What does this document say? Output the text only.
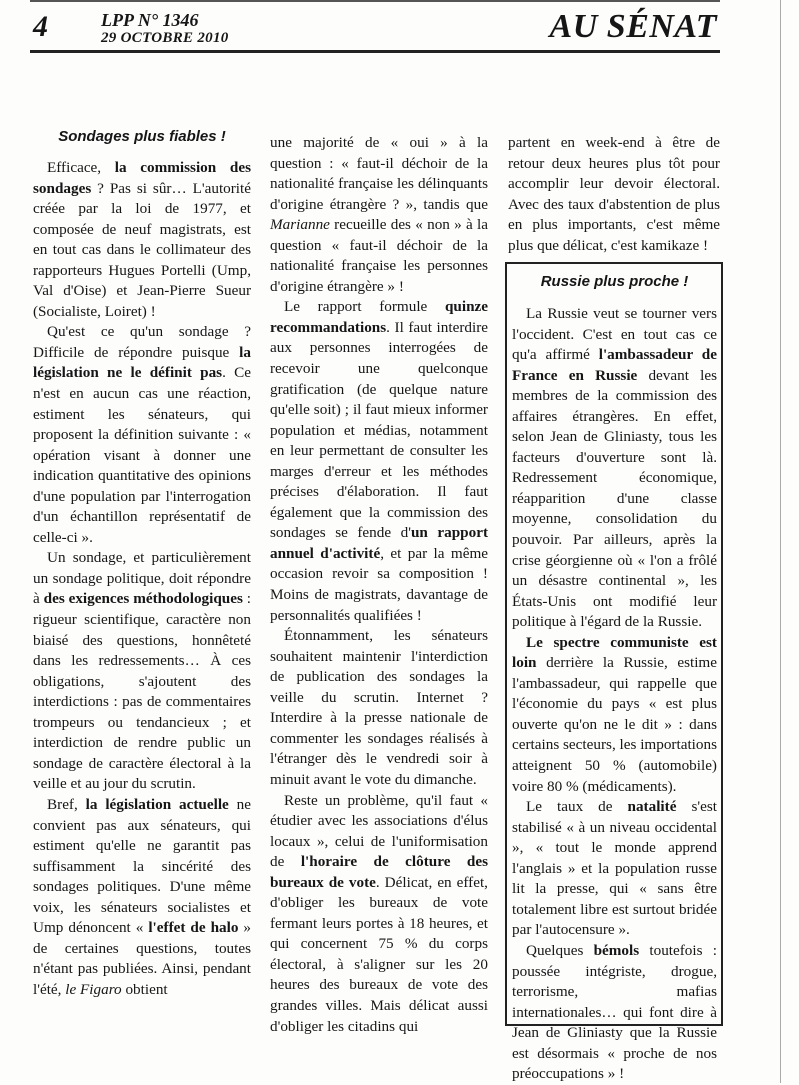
4	LPP N° 1346
29 OCTOBRE 2010	AU SÉNAT
Sondages plus fiables !

Efficace, la commission des sondages ? Pas si sûr… L'autorité créée par la loi de 1977, et composée de neuf magistrats, est en tout cas dans le collimateur des rapporteurs Hugues Portelli (Ump, Val d'Oise) et Jean-Pierre Sueur (Socialiste, Loiret) !

Qu'est ce qu'un sondage ? Difficile de répondre puisque la législation ne le définit pas. Ce n'est en aucun cas une réaction, estiment les sénateurs, qui proposent la définition suivante : « opération visant à donner une indication quantitative des opinions d'une population par l'interrogation d'un échantillon représentatif de celle-ci ».

Un sondage, et particulièrement un sondage politique, doit répondre à des exigences méthodologiques : rigueur scientifique, caractère non biaisé des questions, honnêteté dans les redressements… À ces obligations, s'ajoutent des interdictions : pas de commentaires trompeurs ou tendancieux ; et interdiction de rendre public un sondage de caractère électoral à la veille et au jour du scrutin.

Bref, la législation actuelle ne convient pas aux sénateurs, qui estiment qu'elle ne garantit pas suffisamment la sincérité des sondages politiques. D'une même voix, les sénateurs socialistes et Ump dénoncent « l'effet de halo » de certaines questions, toutes n'étant pas publiées. Ainsi, pendant l'été, le Figaro obtient

une majorité de « oui » à la question : « faut-il déchoir de la nationalité française les délinquants d'origine étrangère ? », tandis que Marianne recueille des « non » à la question « faut-il déchoir de la nationalité française les personnes d'origine étrangère » !

Le rapport formule quinze recommandations. Il faut interdire aux personnes interrogées de recevoir une quelconque gratification (de quelque nature qu'elle soit) ; il faut mieux informer population et médias, notamment en leur permettant de consulter les marges d'erreur et les méthodes précises d'élaboration. Il faut également que la commission des sondages se fende d'un rapport annuel d'activité, et par la même occasion revoir sa composition ! Moins de magistrats, davantage de personnalités qualifiées !

Étonnamment, les sénateurs souhaitent maintenir l'interdiction de publication des sondages la veille du scrutin. Internet ? Interdire à la presse nationale de commenter les sondages réalisés à l'étranger dès le vendredi soir à minuit avant le vote du dimanche.

Reste un problème, qu'il faut « étudier avec les associations d'élus locaux », celui de l'uniformisation de l'horaire de clôture des bureaux de vote. Délicat, en effet, d'obliger les bureaux de vote fermant leurs portes à 18 heures, et qui concernent 75 % du corps électoral, à s'aligner sur les 20 heures des bureaux de vote des grandes villes. Mais délicat aussi d'obliger les citadins qui

partent en week-end à être de retour deux heures plus tôt pour accomplir leur devoir électoral. Avec des taux d'abstention de plus en plus importants, c'est même plus que délicat, c'est kamikaze !

Russie plus proche !

La Russie veut se tourner vers l'occident. C'est en tout cas ce qu'a affirmé l'ambassadeur de France en Russie devant les membres de la commission des affaires étrangères. En effet, selon Jean de Gliniasty, tous les facteurs d'ouverture sont là. Redressement économique, réapparition d'une classe moyenne, consolidation du pouvoir. Par ailleurs, après la crise géorgienne où « l'on a frôlé un désastre continental », les États-Unis ont modifié leur politique à l'égard de la Russie.

Le spectre communiste est loin derrière la Russie, estime l'ambassadeur, qui rappelle que l'économie du pays « est plus ouverte qu'on ne le dit » : dans certains secteurs, les importations atteignent 50 % (automobile) voire 80 % (médicaments).

Le taux de natalité s'est stabilisé « à un niveau occidental », « tout le monde apprend l'anglais » et la population russe lit la presse, qui « sans être totalement libre est surtout bridée par l'autocensure ».

Quelques bémols toutefois : poussée intégriste, drogue, terrorisme, mafias internationales… qui font dire à Jean de Gliniasty que la Russie est désormais « proche de nos préoccupations » !
